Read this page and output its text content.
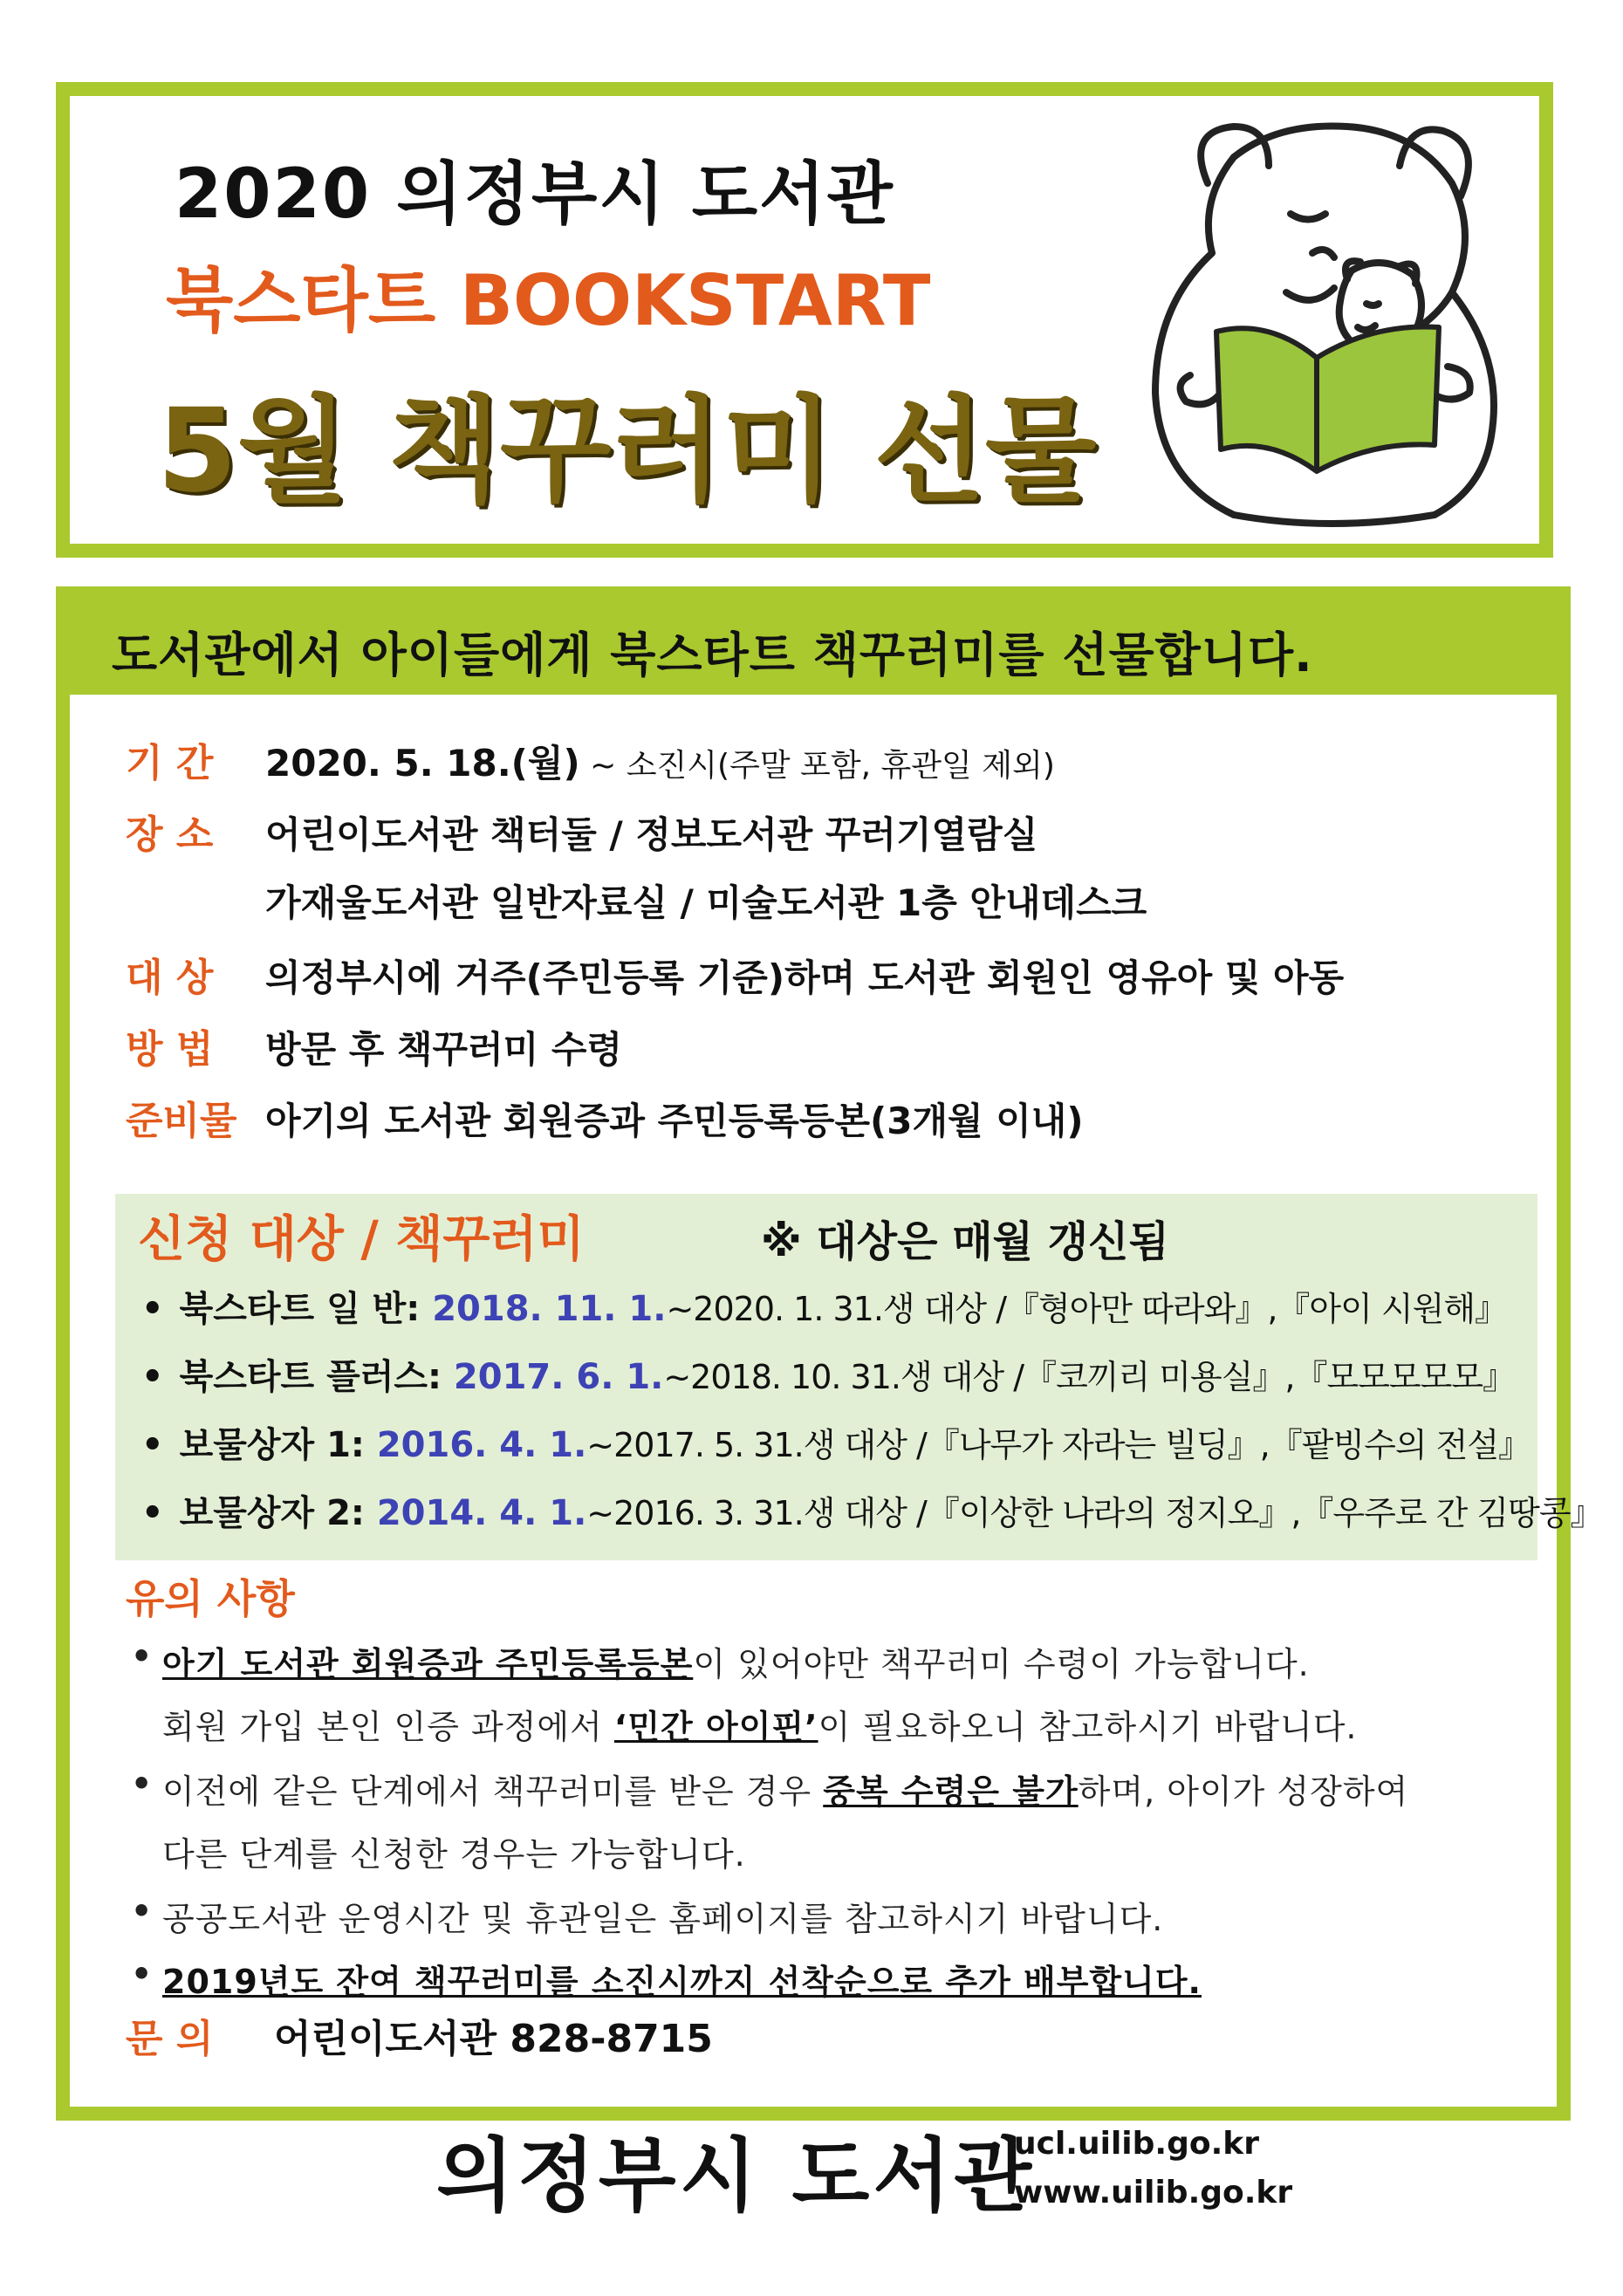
2020 의정부시 도서관
북스타트 BOOKSTART
5월 책꾸러미 선물
도서관에서 아이들에게 북스타트 책꾸러미를 선물합니다.
기 간	2020. 5. 18.(월) ~ 소진시(주말 포함, 휴관일 제외)
장 소	어린이도서관 책터둘 / 정보도서관 꾸러기열람실
가재울도서관 일반자료실 / 미술도서관 1층 안내데스크
대 상	의정부시에 거주(주민등록 기준)하며 도서관 회원인 영유아 및 아동
방 법	방문 후 책꾸러미 수령
준비물 아기의 도서관 회원증과 주민등록등본(3개월 이내)
신청 대상 / 책꾸러미	※ 대상은 매월 갱신됨
• 북스타트 일 반: 2018. 11. 1.~2020. 1. 31.생 대상 /『형아만 따라와』,『아이 시원해』
• 북스타트 플러스: 2017. 6. 1.~2018. 10. 31.생 대상 /『코끼리 미용실』,『모모모모모』
• 보물상자 1: 2016. 4. 1.~2017. 5. 31.생 대상 /『나무가 자라는 빌딩』,『팥빙수의 전설』
• 보물상자 2: 2014. 4. 1.~2016. 3. 31.생 대상 /『이상한 나라의 정지오』,『우주로 간 김땅콩』
유의 사항
• 아기 도서관 회원증과 주민등록등본이 있어야만 책꾸러미 수령이 가능합니다.
회원 가입 본인 인증 과정에서 ‘민간 아이핀’이 필요하오니 참고하시기 바랍니다.
• 이전에 같은 단계에서 책꾸러미를 받은 경우 중복 수령은 불가하며, 아이가 성장하여
다른 단계를 신청한 경우는 가능합니다.
• 공공도서관 운영시간 및 휴관일은 홈페이지를 참고하시기 바랍니다.
• 2019년도 잔여 책꾸러미를 소진시까지 선착순으로 추가 배부합니다.
문 의 어린이도서관 828-8715
의정부시 도서관
ucl.uilib.go.kr
www.uilib.go.kr
